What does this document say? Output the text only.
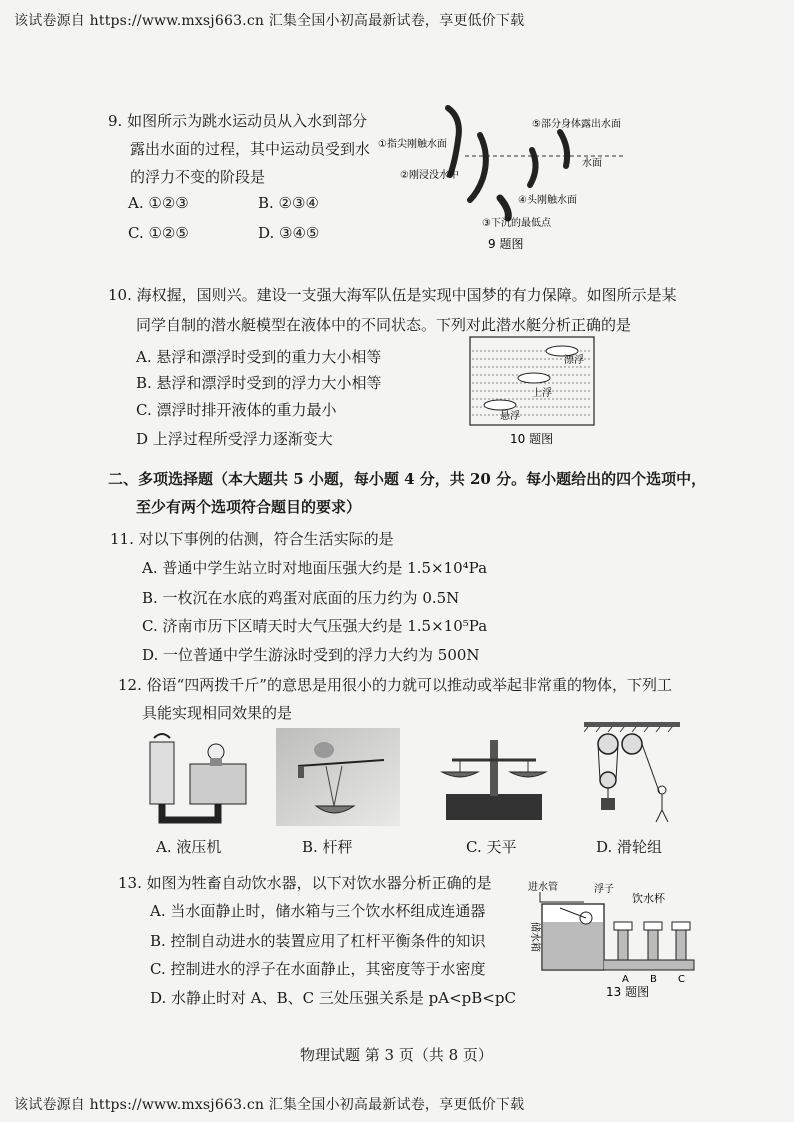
该试卷源自 https://www.mxsj663.cn 汇集全国小初高最新试卷，享更低价下载
9. 如图所示为跳水运动员从入水到部分
露出水面的过程，其中运动员受到水
的浮力不变的阶段是
A. ①②③	B. ②③④
C. ①②⑤	D. ③④⑤
①指尖刚触水面
②刚浸没水中
③下沉的最低点
④头刚触水面
⑤部分身体露出水面
水面
9 题图
10. 海权握，国则兴。建设一支强大海军队伍是实现中国梦的有力保障。如图所示是某
同学自制的潜水艇模型在液体中的不同状态。下列对此潜水艇分析正确的是
A. 悬浮和漂浮时受到的重力大小相等
B. 悬浮和漂浮时受到的浮力大小相等
C. 漂浮时排开液体的重力最小
D 上浮过程所受浮力逐渐变大
漂浮
上浮
悬浮
10 题图
二、多项选择题（本大题共 5 小题，每小题 4 分，共 20 分。每小题给出的四个选项中，
至少有两个选项符合题目的要求）
11. 对以下事例的估测，符合生活实际的是
A. 普通中学生站立时对地面压强大约是 1.5×10⁴Pa
B. 一枚沉在水底的鸡蛋对底面的压力约为 0.5N
C. 济南市历下区晴天时大气压强大约是 1.5×10⁵Pa
D. 一位普通中学生游泳时受到的浮力大约为 500N
12. 俗语“四两拨千斤”的意思是用很小的力就可以推动或举起非常重的物体，下列工
具能实现相同效果的是
A. 液压机	B. 杆秤	C. 天平	D. 滑轮组
13. 如图为牲畜自动饮水器，以下对饮水器分析正确的是
A. 当水面静止时，储水箱与三个饮水杯组成连通器
B. 控制自动进水的装置应用了杠杆平衡条件的知识
C. 控制进水的浮子在水面静止，其密度等于水密度
D. 水静止时对 A、B、C 三处压强关系是 pA<pB<pC
进水管	浮子
饮水杯
储水箱
A B C
13 题图
物理试题 第 3 页（共 8 页）
该试卷源自 https://www.mxsj663.cn 汇集全国小初高最新试卷，享更低价下载
